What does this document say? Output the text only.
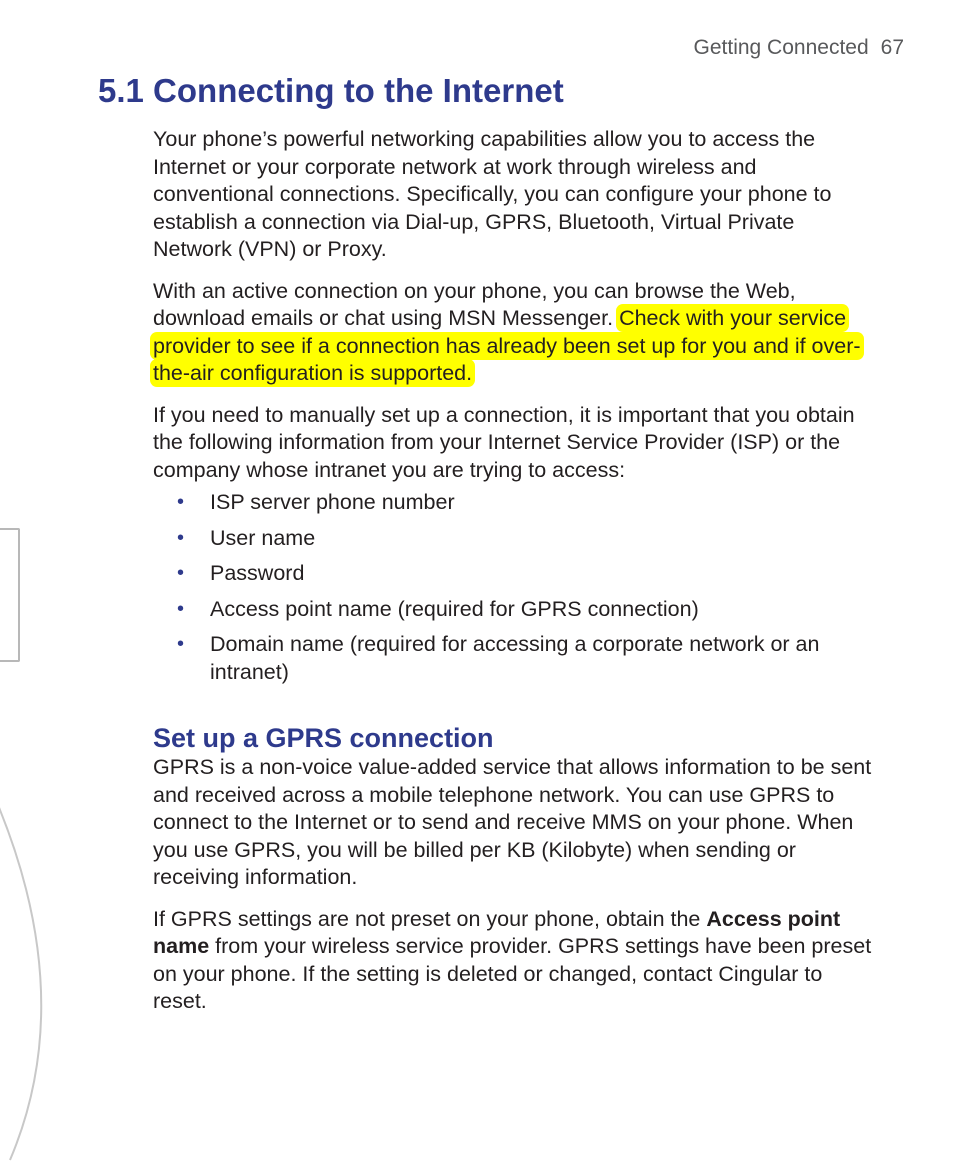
Getting Connected 67
5.1 Connecting to the Internet

Your phone’s powerful networking capabilities allow you to access the Internet or your corporate network at work through wireless and conventional connections. Specifically, you can configure your phone to establish a connection via Dial-up, GPRS, Bluetooth, Virtual Private Network (VPN) or Proxy.

With an active connection on your phone, you can browse the Web, download emails or chat using MSN Messenger. Check with your service provider to see if a connection has already been set up for you and if over-the-air configuration is supported.

If you need to manually set up a connection, it is important that you obtain the following information from your Internet Service Provider (ISP) or the company whose intranet you are trying to access:

• ISP server phone number
• User name
• Password
• Access point name (required for GPRS connection)
• Domain name (required for accessing a corporate network or an intranet)
Set up a GPRS connection

GPRS is a non-voice value-added service that allows information to be sent and received across a mobile telephone network. You can use GPRS to connect to the Internet or to send and receive MMS on your phone. When you use GPRS, you will be billed per KB (Kilobyte) when sending or receiving information.

If GPRS settings are not preset on your phone, obtain the Access point name from your wireless service provider. GPRS settings have been preset on your phone. If the setting is deleted or changed, contact Cingular to reset.
